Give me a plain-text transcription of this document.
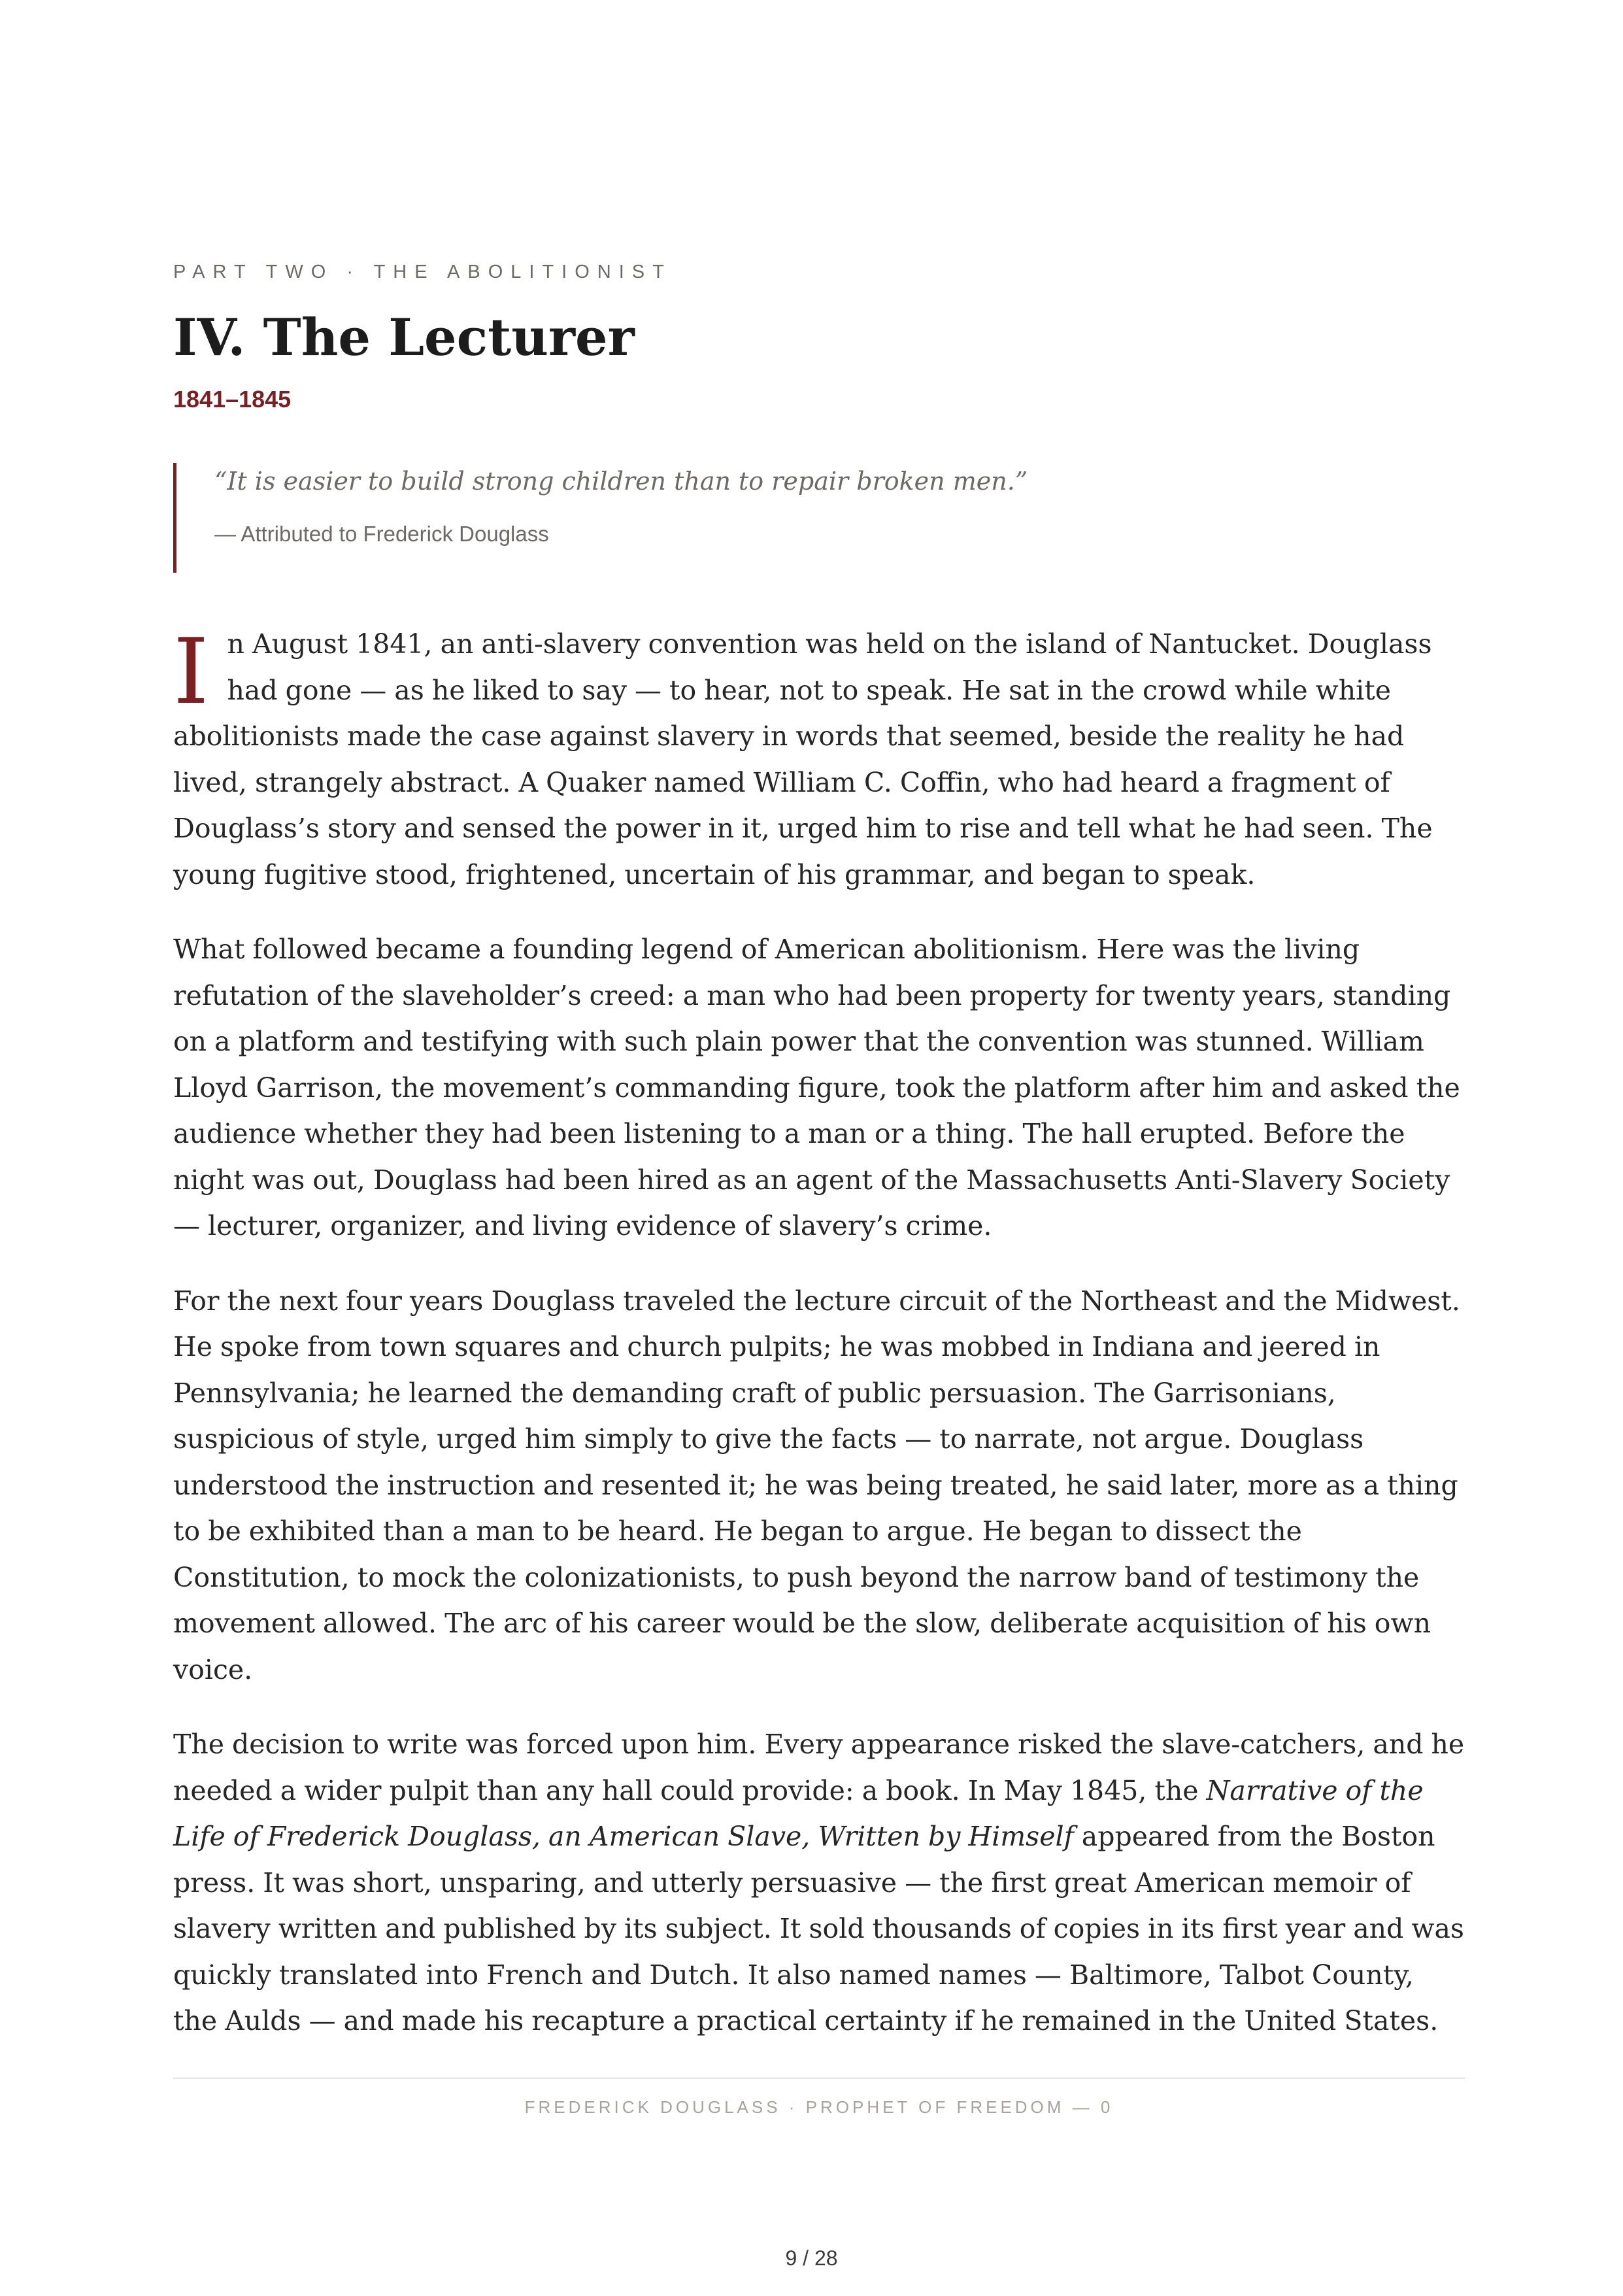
PART TWO · THE ABOLITIONIST
IV. The Lecturer
1841–1845
“It is easier to build strong children than to repair broken men.”
— Attributed to Frederick Douglass

In August 1841, an anti-slavery convention was held on the island of Nantucket. Douglass had gone — as he liked to say — to hear, not to speak. He sat in the crowd while white abolitionists made the case against slavery in words that seemed, beside the reality he had lived, strangely abstract. A Quaker named William C. Coffin, who had heard a fragment of Douglass’s story and sensed the power in it, urged him to rise and tell what he had seen. The young fugitive stood, frightened, uncertain of his grammar, and began to speak.

What followed became a founding legend of American abolitionism. Here was the living refutation of the slaveholder’s creed: a man who had been property for twenty years, standing on a platform and testifying with such plain power that the convention was stunned. William Lloyd Garrison, the movement’s commanding figure, took the platform after him and asked the audience whether they had been listening to a man or a thing. The hall erupted. Before the night was out, Douglass had been hired as an agent of the Massachusetts Anti-Slavery Society — lecturer, organizer, and living evidence of slavery’s crime.

For the next four years Douglass traveled the lecture circuit of the Northeast and the Midwest. He spoke from town squares and church pulpits; he was mobbed in Indiana and jeered in Pennsylvania; he learned the demanding craft of public persuasion. The Garrisonians, suspicious of style, urged him simply to give the facts — to narrate, not argue. Douglass understood the instruction and resented it; he was being treated, he said later, more as a thing to be exhibited than a man to be heard. He began to argue. He began to dissect the Constitution, to mock the colonizationists, to push beyond the narrow band of testimony the movement allowed. The arc of his career would be the slow, deliberate acquisition of his own voice.

The decision to write was forced upon him. Every appearance risked the slave-catchers, and he needed a wider pulpit than any hall could provide: a book. In May 1845, the Narrative of the Life of Frederick Douglass, an American Slave, Written by Himself appeared from the Boston press. It was short, unsparing, and utterly persuasive — the first great American memoir of slavery written and published by its subject. It sold thousands of copies in its first year and was quickly translated into French and Dutch. It also named names — Baltimore, Talbot County, the Aulds — and made his recapture a practical certainty if he remained in the United States.

FREDERICK DOUGLASS · PROPHET OF FREEDOM — 0
9 / 28
